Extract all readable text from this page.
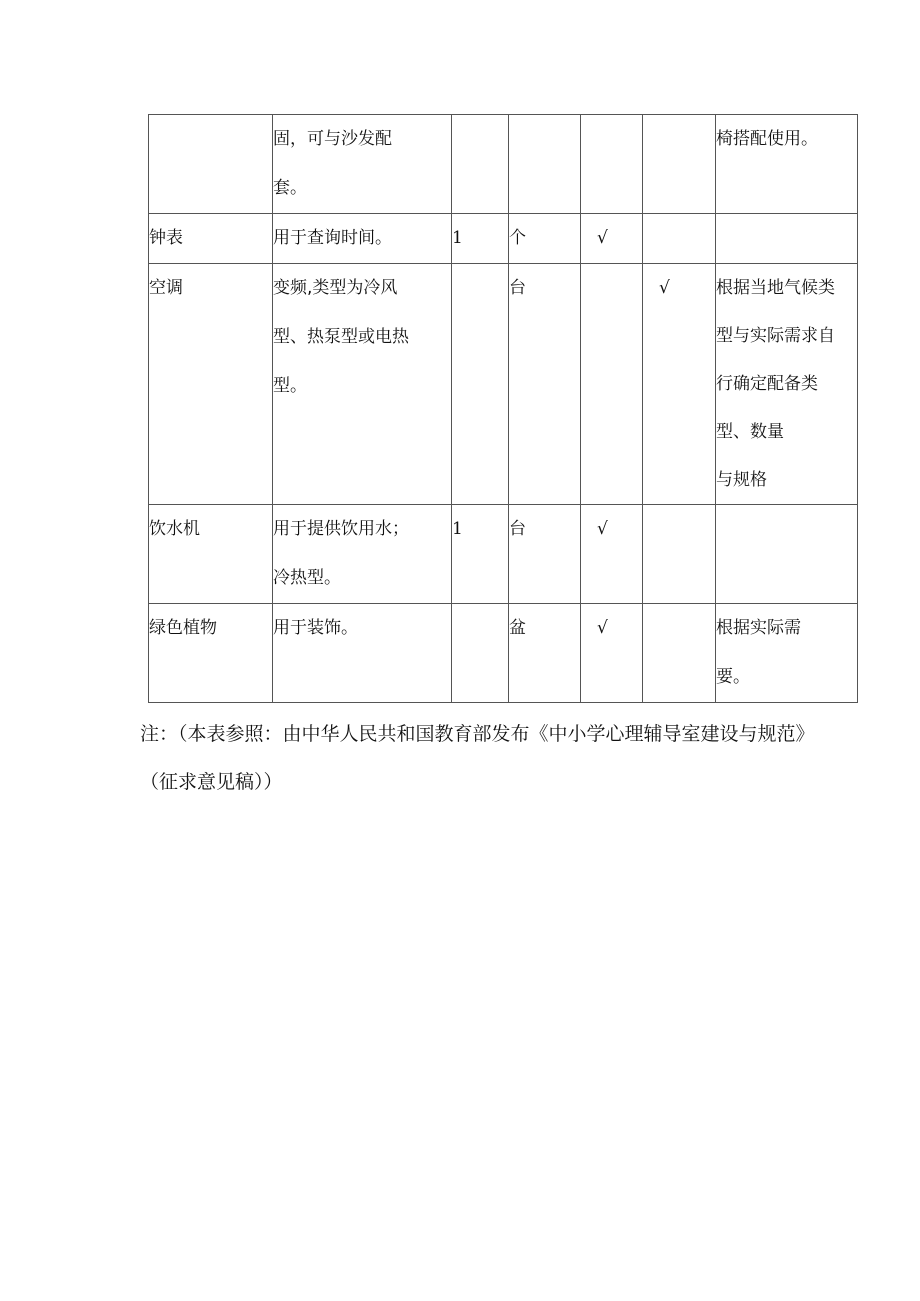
	固，可与沙发配
套。					椅搭配使用。

钟表	用于查询时间。	1	个	√		
空调	变频,类型为冷风
型、热泵型或电热
型。		台		√	根据当地气候类
型与实际需求自
行确定配备类
型、数量
与规格

饮水机	用于提供饮用水；
冷热型。	1	台	√		
绿色植物	用于装饰。		盆	√		根据实际需
要。
注：（本表参照：由中华人民共和国教育部发布《中小学心理辅导室建设与规范》
（征求意见稿））
